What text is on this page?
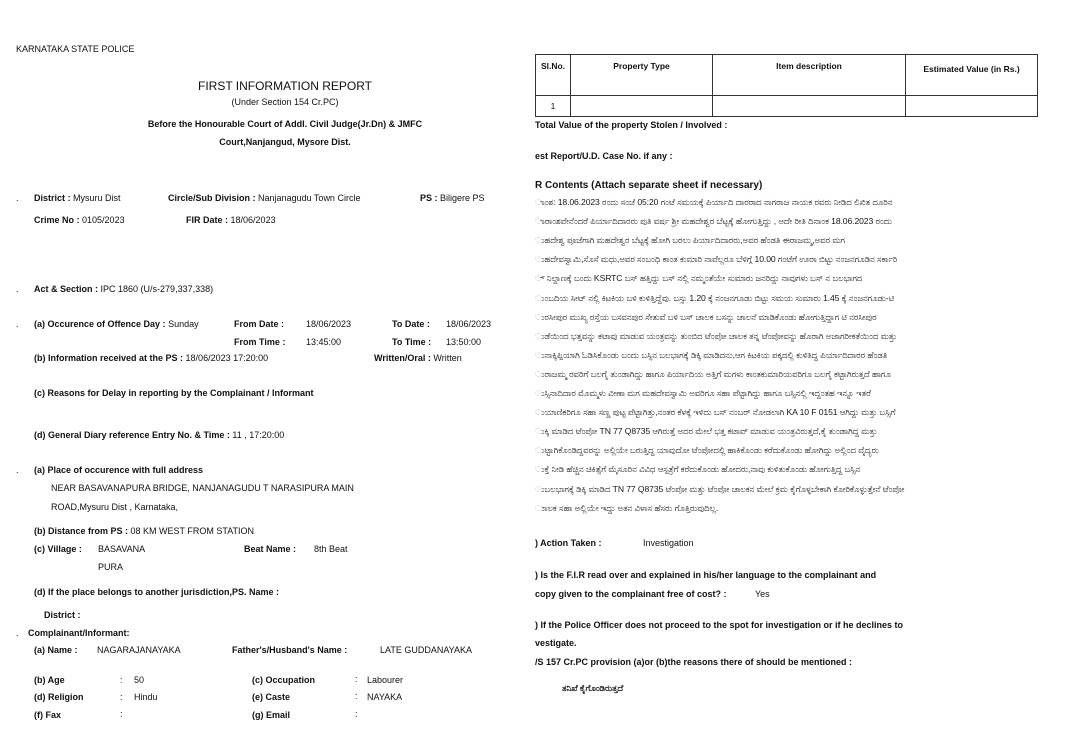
KARNATAKA STATE POLICE
FIRST INFORMATION REPORT
(Under Section 154 Cr.PC)
Before the Honourable Court of Addl. Civil Judge(Jr.Dn) & JMFC
Court,Nanjangud, Mysore Dist.
. District : Mysuru Dist	Circle/Sub Division : Nanjanagudu Town Circle	PS : Biligere PS
Crime No : 0105/2023	FIR Date : 18/06/2023
. Act & Section : IPC 1860 (U/s-279,337,338)
. (a) Occurence of Offence Day : Sunday	From Date : 18/06/2023	To Date : 18/06/2023
From Time : 13:45:00	To Time : 13:50:00
(b) Information received at the PS : 18/06/2023 17:20:00	Written/Oral : Written
(c) Reasons for Delay in reporting by the Complainant / Informant
(d) General Diary reference Entry No. & Time : 11 , 17:20:00
. (a) Place of occurence with full address
NEAR BASAVANAPURA BRIDGE, NANJANAGUDU T NARASIPURA MAIN
ROAD,Mysuru Dist , Karnataka,
(b) Distance from PS : 08 KM WEST FROM STATION
(c) Village : BASAVANA
PURA
Beat Name : 8th Beat
(d) If the place belongs to another jurisdiction,PS. Name :
District :
. Complainant/Informant:
(a) Name : NAGARAJANAYAKA	Father's/Husband's Name :	LATE GUDDANAYAKA
(b) Age	: 50	(c) Occupation	: Labourer
(d) Religion	: Hindu	(e) Caste	: NAYAKA
(f) Fax	:	(g) Email	:
Sl.No.	Property Type	Item description	Estimated Value (in Rs.)
1			
Total Value of the property Stolen / Involved :
est Report/U.D. Case No. if any :
R Contents (Attach separate sheet if necessary)
ಾಂಶ: 18.06.2023 ರಂದು ಸಂಜೆ 05:20 ಗಂಟೆ ಸಮಯಕ್ಕೆ ಪಿರ್ಯಾದಿ ದಾರರಾದ ನಾಗರಾಜ ನಾಯಕ ರವರು ನೀಡಿದ ಲಿಖಿತ ದೂರಿನ
ಾರಾಂಶವೇನೆಂದರೆ ಪಿರ್ಯಾದಿದಾರರು ಪುತಿ ವರ್ಷ ಶ್ರೀ ಮಹದೇಶ್ವರ ಬೆಟ್ಟಕ್ಕೆ ಹೋಗುತ್ತಿದ್ದು , ಅದೇ ರೀತಿ ದಿನಾಂಕ 18.06.2023 ರಂದು
ುಹದೇಶ್ವ ಪೂಜೆಗಾಗಿ ಮಹದೇಶ್ವರ ಬೆಟ್ಟಕ್ಕೆ ಹೋಗಿ ಬರಲು ಪಿರ್ಯಾದಿದಾರರು,ಅವರ ಹೆಂಡತಿ ಈರಾಜಮ್ಮ,ಅವರ ಮಗ
ುಹದೇವಸ್ವಾಮಿ,ಸೊಸೆ ಮಧು,ಅವರ ಸಂಬಂಧಿ ಕಾಂತ ಕುಮಾರಿ ನಾವೆಲ್ಲರೂ ಬೆಳಿಗ್ಗೆ 10.00 ಗಂಟೆಗೆ ಊರಾ ಬಿಟ್ಟು ನಂಜನಗೂಡಿನ ಸರ್ಕಾರಿ
್ ನಿಲ್ದಾಣಕ್ಕೆ ಬಂದು KSRTC ಬಸ್ ಹತ್ತಿದ್ದು ಬಸ್ ನಲ್ಲಿ ನಮ್ಮಂತೆಯೇ ಸುಮಾರು ಜನರಿದ್ದು ನಾವುಗಳು ಬಸ್ ನ ಬಲಭಾಗದ
ುಂಬದಿಯ ಸೀಟ್ ನಲ್ಲಿ ಕಿಟಕಿಯ ಬಳಿ ಕುಳಿತ್ತಿದ್ದೆವು. ಬಸ್ಸು 1.20 ಕ್ಕೆ ನಂಜನಗೂಡು ಬಿಟ್ಟು ಸಮಯ ಸುಮಾರು 1.45 ಕ್ಕೆ ನಂಜನಗೂಡು-ಟಿ
ುರಸೀಪುರ ಮುಖ್ಯ ರಸ್ತೆಯ ಬಸವನಪುರ ಸೇತುವೆ ಬಳಿ ಬಸ್ ಚಾಲಕ ಬಸನ್ನು ಚಾಲನೆ ಮಾಡಿಕೊಂಡು ಹೋಗುತ್ತಿದ್ದಾಗ ಟಿ ನರಸೀಪುರ
ುಡೆಯಿಂದ ಭತ್ತವನ್ನು ಕಟಾವು ಮಾಡುವ ಯಂತ್ರವನ್ನು ತುಂಬಿದ ಟೆಂಪೋ ಚಾಲಕ ತನ್ನ ಟೆಂಪೋವನ್ನು ಹೊರಾಗಿ ಅಜಾಗರೀಕತೆಯಿಂದ ಮತ್ತು
ುನಾಕ್ಕಿಪ್ಪಿಯಾಗಿ ಓಡಿಸಿಕೊಂಡು ಬಂದು ಬಸ್ಸಿನ ಬಲಭಾಗಕ್ಕೆ ಡಿಕ್ಕಿ ಮಾಡಿದನು,ಆಗ ಕಿಟಕಿಯ ಪಕ್ಕದಲ್ಲಿ ಕುಳಿತಿದ್ದ ಪಿರ್ಯಾದಿದಾರರ ಹೆಂಡತಿ
ುರಾಜಮ್ಮ ರವರಿಗೆ ಬಲಗೈ ತುಂಡಾಗಿದ್ದು ಹಾಗೂ ಪಿರ್ಯಾದಿಯ ಅತ್ತಿಗೆ ಮಗಳು ಕಾಂತಕುಮಾರಿಯವರಿಗೂ ಬಲಗೈ ಕಟ್ಟಾಗಿರುತ್ತದೆ ಹಾಗೂ
ುಸ್ಸಿನಾದಿದಾರ ಮೊಮ್ಮಳು ವೀಣಾ ಮಗ ಮಹದೇವಸ್ವಾಮಿ ಅವರಿಗೂ ಸಹಾ ಪೆಟ್ಟಾಗಿದ್ದು ಹಾಗೂ ಬಸ್ಸಿನಲ್ಲಿ ಇದ್ದಂತಹ ಇನ್ನೂ ಇತರೆ
ುಯಾಣಿಕರಿಗೂ ಸಹಾ ಸಣ್ಣ ಪುಟ್ಟ ಪೆಟ್ಟಾಗಿತ್ತು,ನಂತರ ಕೆಳಕ್ಕೆ ಇಳಿದು ಬಸ್ ನಂಬರ್ ನೋಡಲಾಗಿ KA 10 F 0151 ಆಗಿದ್ದು ಮತ್ತು ಬಸ್ಸಿಗೆ
ುಕ್ಕಿ ಮಾಡಿದ ಟೆಂಪೋ TN 77 Q8735 ಆಗಿರುತ್ತೆ ಅದರ ಮೇಲೆ ಭತ್ತ ಕಟಾವ್ ಮಾಡುವ ಯಂತ್ರವಿರುತ್ತದೆ,ಕೈ ತುಂಡಾಗಿದ್ದ ಮತ್ತು
ುಟ್ಟಾಗಿಕೊಂಡಿದ್ದವರನ್ನು ಅಲ್ಲಿಯೇ ಬರುತ್ತಿದ್ದ ಯಾವುದೋ ಟೆಂಪೋದಲ್ಲಿ ಹಾಕಿಕೊಂಡು ಕರೆದುಕೊಂಡು ಹೋಗಿದ್ದು ಅಲ್ಲಿಂದ ವೈದ್ಯರು
ುಕ್ತೆ ನೀಡಿ ಹೆಚ್ಚಿನ ಚಿಕಿತ್ಸೆಗೆ ಮೈಸೂರಿನ ವಿವಿಧ ಆಸ್ಪತ್ರೆಗೆ ಕರೆದುಕೊಂಡು ಹೋದರು,ನಾವು ಕುಳಿತುಕೊಂಡು ಹೋಗುತ್ತಿದ್ದ ಬಸ್ಸಿನ
ುಬಲಭಾಗಕ್ಕೆ ಡಿಕ್ಕಿ ಮಾಡಿದ TN 77 Q8735 ಟೆಂಪೋ ಮತ್ತು ಟೆಂಪೋ ಚಾಲಕನ ಮೇಲೆ ಕ್ರಮ ಕೈಗೊಳ್ಳಬೇಕಾಗಿ ಕೋರಿಕೊಳ್ಳುತ್ತೇನೆ ಟೆಂಪೋ
ುಾಲಕ ಸಹಾ ಅಲ್ಲಿಯೇ ಇದ್ದು ಅತನ ವಿಳಾಸ ಹೆಸರು ಗೊತ್ತಿರುವುದಿಲ್ಲ.
) Action Taken :	Investigation
) Is the F.I.R read over and explained in his/her language to the complainant and
copy given to the complainant free of cost? :	Yes
) If the Police Officer does not proceed to the spot for investigation or if he declines to
vestigate.
/S 157 Cr.PC provision (a)or (b)the reasons there of should be mentioned :
ತನಿಖೆ ಕೈಗೊಂಡಿರುತ್ತದೆ
